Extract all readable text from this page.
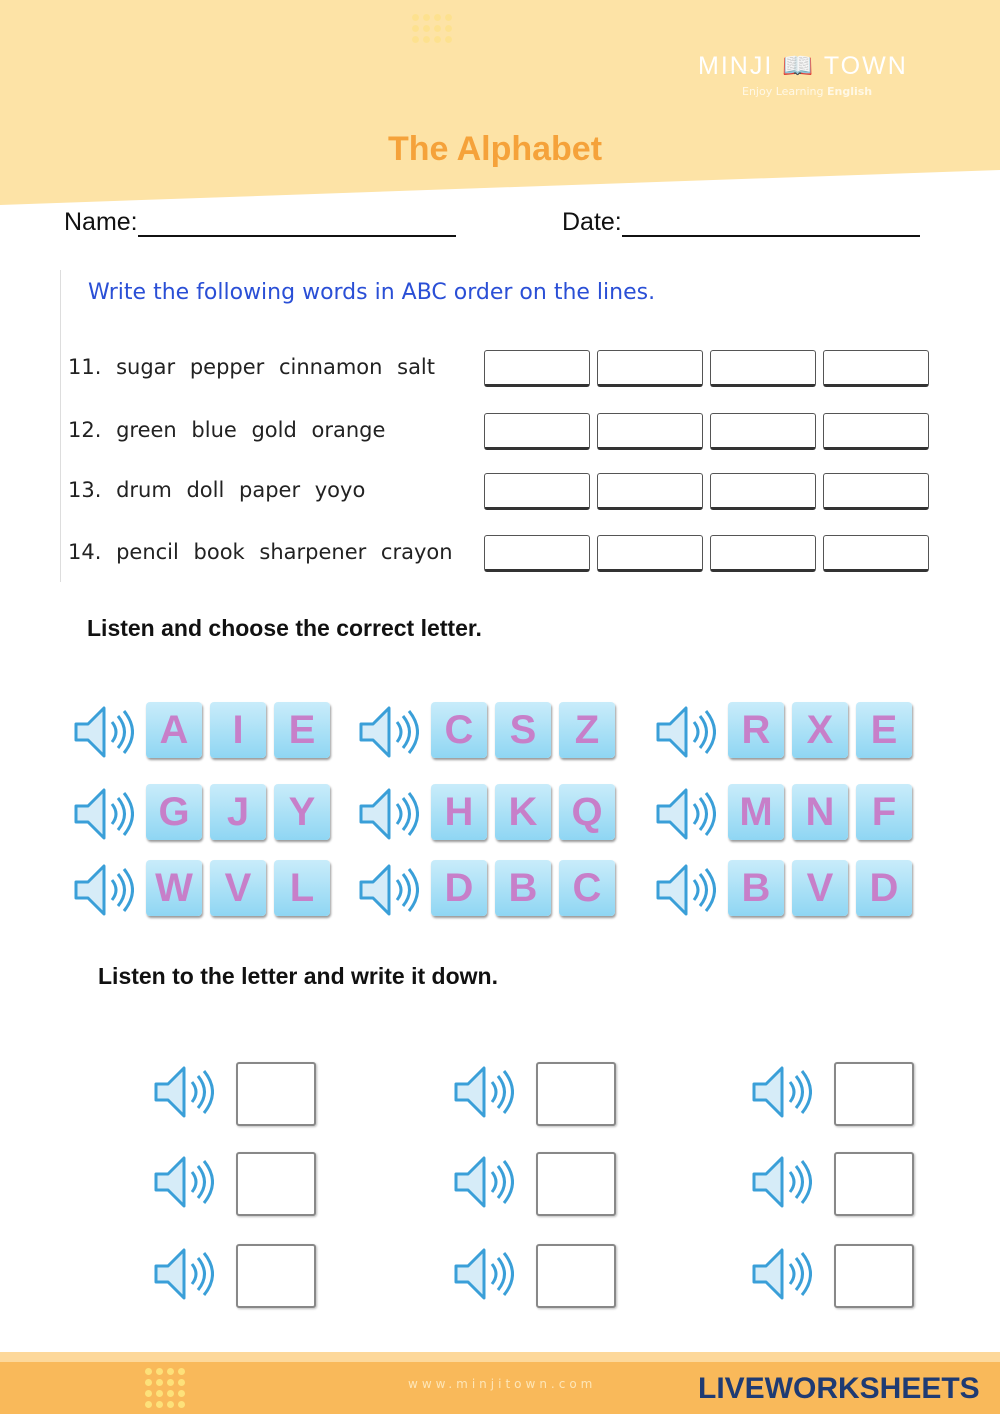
MINJI 📖 TOWN
Enjoy Learning English
The Alphabet
Name:	Date:
Write the following words in ABC order on the lines.
11. sugar pepper cinnamon salt
12. green blue gold orange
13. drum doll paper yoyo
14. pencil book sharpener crayon
Listen and choose the correct letter.
A	I	E	C S Z	R X E
G J Y	H K Q	M N F
W V L	D B C	B V D
Listen to the letter and write it down.
www.minjitown.com	LIVEWORKSHEETS
